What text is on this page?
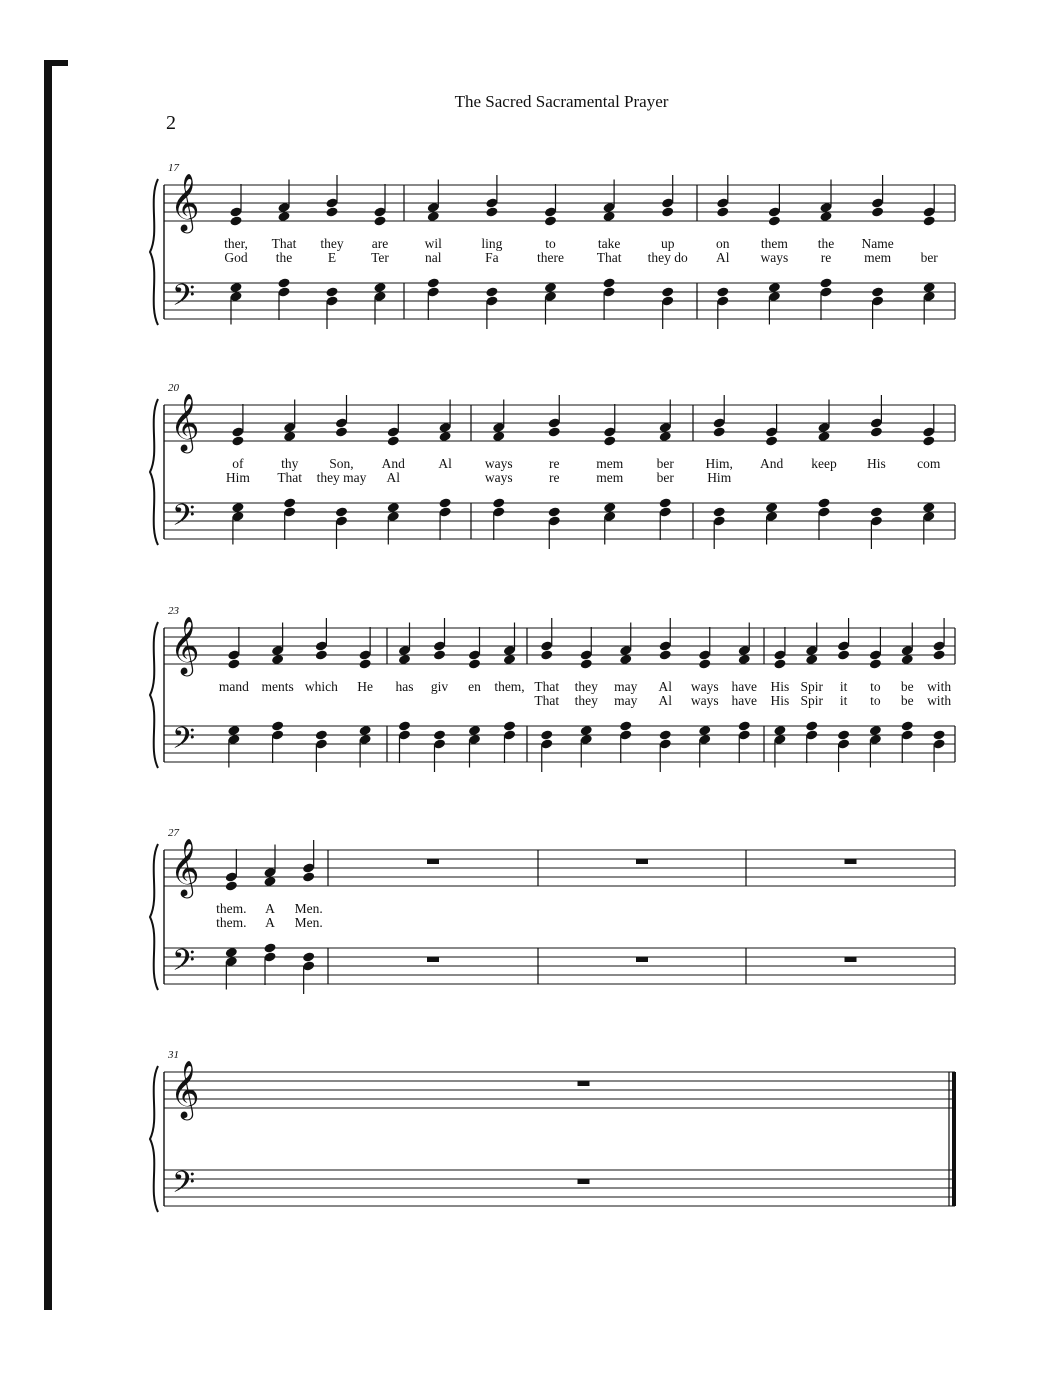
The Sacred Sacramental Prayer
2
𝄞
𝄢
17
ther, That they are
God the	E	Ter
wil	ling	to	take	up
nal	Fa	there That they do
on them the Name
Al ways re mem ber
𝄞
𝄢
20
of	thy Son, And Al
Him That they may Al
ways	re	mem ber
ways	re	mem ber
Him, And keep His com
Him
𝄞
𝄢
23
mand ments which He has giv en them, That they may Al ways have
That they may Al ways have
His Spir it to be with
His Spir it to be with
𝄞
𝄢
27
them. A Men.
them. A Men.
𝄞
𝄢
31
